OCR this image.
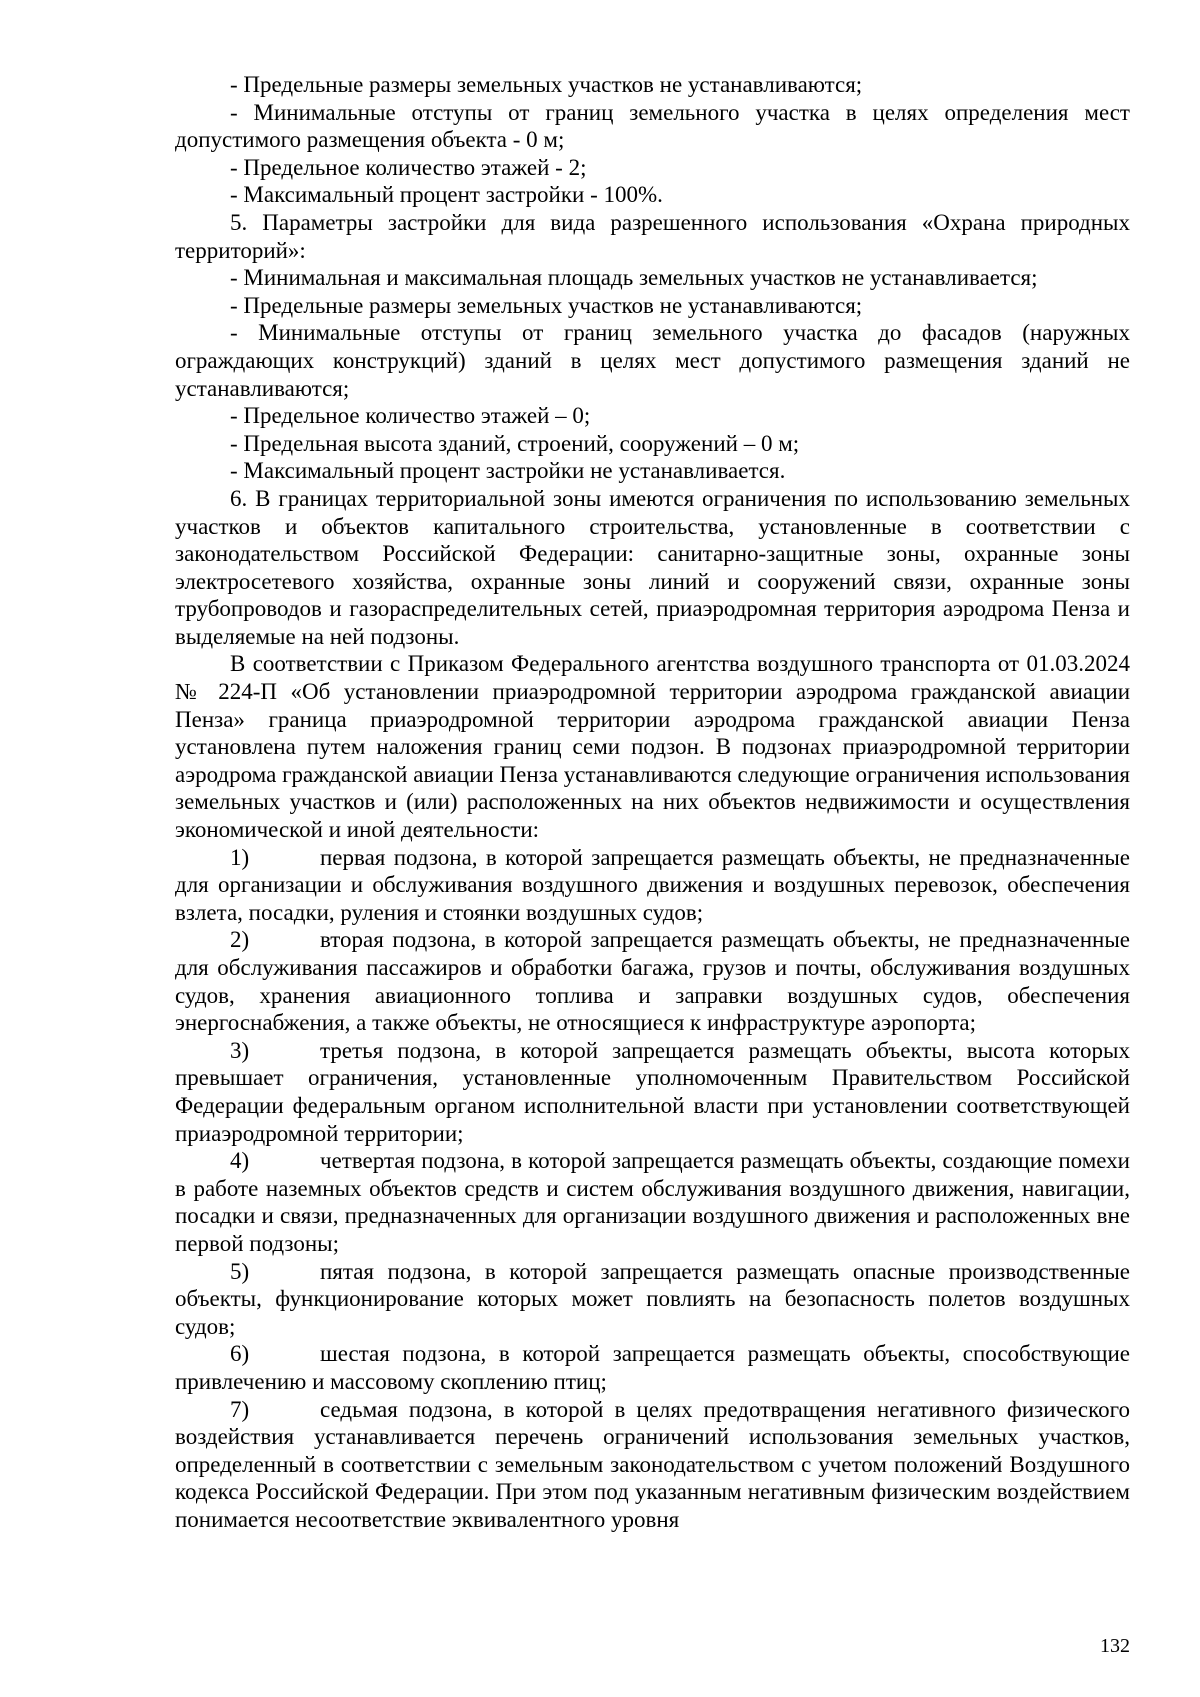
- Предельные размеры земельных участков не устанавливаются;

- Минимальные отступы от границ земельного участка в целях определения мест допустимого размещения объекта - 0 м;

- Предельное количество этажей - 2;

- Максимальный процент застройки - 100%.

5. Параметры застройки для вида разрешенного использования «Охрана природных территорий»:

- Минимальная и максимальная площадь земельных участков не устанавливается;

- Предельные размеры земельных участков не устанавливаются;

- Минимальные отступы от границ земельного участка до фасадов (наружных ограждающих конструкций) зданий в целях мест допустимого размещения зданий не устанавливаются;

- Предельное количество этажей – 0;

- Предельная высота зданий, строений, сооружений – 0 м;

- Максимальный процент застройки не устанавливается.

6. В границах территориальной зоны имеются ограничения по использованию земельных участков и объектов капитального строительства, установленные в соответствии с законодательством Российской Федерации: санитарно-защитные зоны, охранные зоны электросетевого хозяйства, охранные зоны линий и сооружений связи, охранные зоны трубопроводов и газораспределительных сетей, приаэродромная территория аэродрома Пенза и выделяемые на ней подзоны.

В соответствии с Приказом Федерального агентства воздушного транспорта от 01.03.2024 № 224-П «Об установлении приаэродромной территории аэродрома гражданской авиации Пенза» граница приаэродромной территории аэродрома гражданской авиации Пенза установлена путем наложения границ семи подзон. В подзонах приаэродромной территории аэродрома гражданской авиации Пенза устанавливаются следующие ограничения использования земельных участков и (или) расположенных на них объектов недвижимости и осуществления экономической и иной деятельности:

1)	первая подзона, в которой запрещается размещать объекты, не предназначенные для организации и обслуживания воздушного движения и воздушных перевозок, обеспечения взлета, посадки, руления и стоянки воздушных судов;

2)	вторая подзона, в которой запрещается размещать объекты, не предназначенные для обслуживания пассажиров и обработки багажа, грузов и почты, обслуживания воздушных судов, хранения авиационного топлива и заправки воздушных судов, обеспечения энергоснабжения, а также объекты, не относящиеся к инфраструктуре аэропорта;

3)	третья подзона, в которой запрещается размещать объекты, высота которых превышает ограничения, установленные уполномоченным Правительством Российской Федерации федеральным органом исполнительной власти при установлении соответствующей приаэродромной территории;

4)	четвертая подзона, в которой запрещается размещать объекты, создающие помехи в работе наземных объектов средств и систем обслуживания воздушного движения, навигации, посадки и связи, предназначенных для организации воздушного движения и расположенных вне первой подзоны;

5)	пятая подзона, в которой запрещается размещать опасные производственные объекты, функционирование которых может повлиять на безопасность полетов воздушных судов;

6)	шестая подзона, в которой запрещается размещать объекты, способствующие привлечению и массовому скоплению птиц;

7)	седьмая подзона, в которой в целях предотвращения негативного физического воздействия устанавливается перечень ограничений использования земельных участков, определенный в соответствии с земельным законодательством с учетом положений Воздушного кодекса Российской Федерации. При этом под указанным негативным физическим воздействием понимается несоответствие эквивалентного уровня

132
